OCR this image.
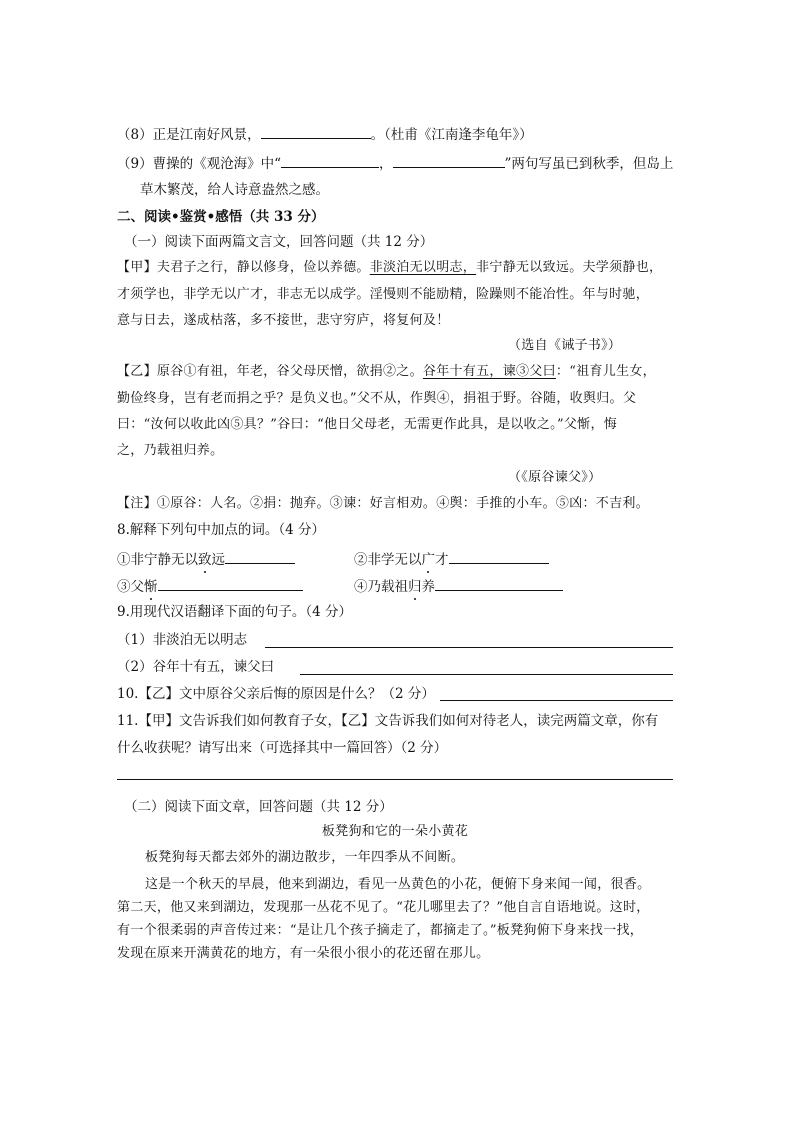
（8）正是江南好风景，	。（杜甫《江南逢李龟年》）
（9）曹操的《观沧海》中“	，	”两句写虽已到秋季，但岛上
草木繁茂，给人诗意盎然之感。
二、阅读•鉴赏•感悟（共 33 分）
（一）阅读下面两篇文言文，回答问题（共 12 分）
【甲】夫君子之行，静以修身，俭以养德。非淡泊无以明志，非宁静无以致远。夫学须静也，
才须学也，非学无以广才，非志无以成学。淫慢则不能励精，险躁则不能冶性。年与时驰，
意与日去，遂成枯落，多不接世，悲守穷庐，将复何及！
（选自《诫子书》）
【乙】原谷①有祖，年老，谷父母厌憎，欲捐②之。谷年十有五，谏③父曰：“祖育儿生女，
勤俭终身，岂有老而捐之乎？是负义也。”父不从，作舆④，捐祖于野。谷随，收舆归。父
曰：“汝何以收此凶⑤具？”谷曰：“他日父母老，无需更作此具，是以收之。”父惭，悔
之，乃载祖归养。
（《原谷谏父》）
【注】①原谷：人名。②捐：抛弃。③谏：好言相劝。④舆：手推的小车。⑤凶：不吉利。
8.解释下列句中加点的词。（4 分）
①非宁静无以致远	②非学无以广才
③父惭	④乃载祖归养
9.用现代汉语翻译下面的句子。（4 分）
（1）非淡泊无以明志
（2）谷年十有五，谏父曰
10.【乙】文中原谷父亲后悔的原因是什么？（2 分）
11.【甲】文告诉我们如何教育子女，【乙】文告诉我们如何对待老人，读完两篇文章，你有
什么收获呢？请写出来（可选择其中一篇回答）（2 分）
（二）阅读下面文章，回答问题（共 12 分）
板凳狗和它的一朵小黄花
板凳狗每天都去郊外的湖边散步，一年四季从不间断。
这是一个秋天的早晨，他来到湖边，看见一丛黄色的小花，便俯下身来闻一闻，很香。
第二天，他又来到湖边，发现那一丛花不见了。“花儿哪里去了？”他自言自语地说。这时，
有一个很柔弱的声音传过来：“是让几个孩子摘走了，都摘走了。”板凳狗俯下身来找一找，
发现在原来开满黄花的地方，有一朵很小很小的花还留在那儿。
